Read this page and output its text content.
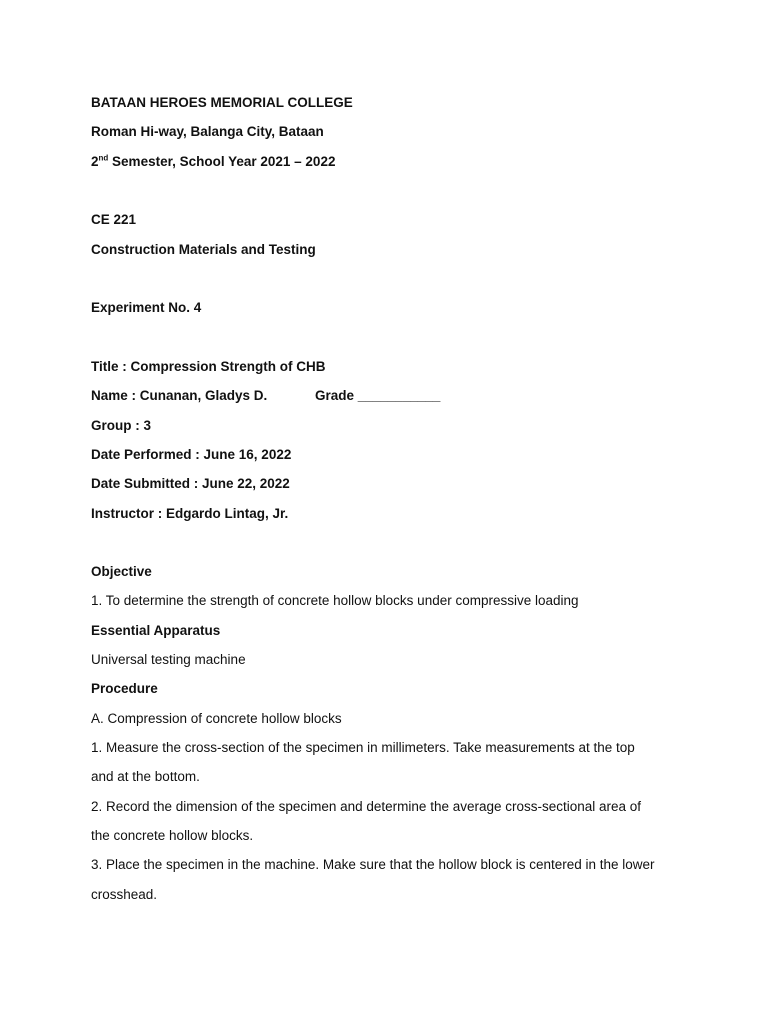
BATAAN HEROES MEMORIAL COLLEGE
Roman Hi-way, Balanga City, Bataan
2nd Semester, School Year 2021 – 2022
CE 221
Construction Materials and Testing
Experiment No. 4
Title : Compression Strength of CHB
Name : Cunanan, Gladys D.	Grade ___________
Group : 3
Date Performed : June 16, 2022
Date Submitted : June 22, 2022
Instructor : Edgardo Lintag, Jr.
Objective
1. To determine the strength of concrete hollow blocks under compressive loading
Essential Apparatus
Universal testing machine
Procedure
A. Compression of concrete hollow blocks
1. Measure the cross-section of the specimen in millimeters. Take measurements at the top
and at the bottom.
2. Record the dimension of the specimen and determine the average cross-sectional area of
the concrete hollow blocks.
3. Place the specimen in the machine. Make sure that the hollow block is centered in the lower
crosshead.
